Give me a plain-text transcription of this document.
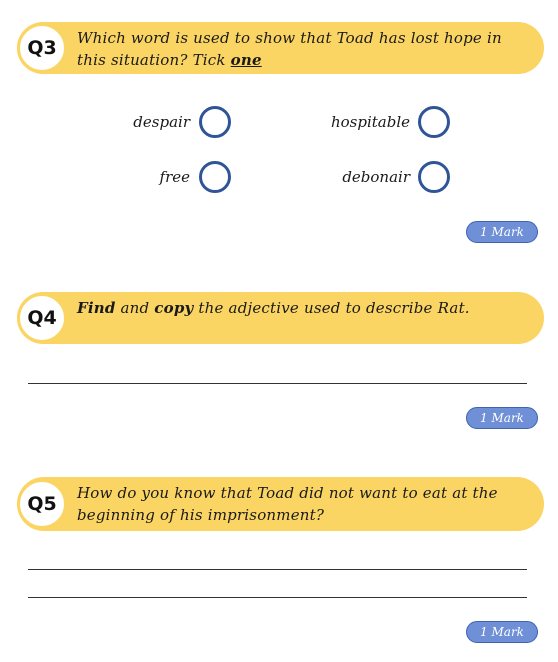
Q3	Which word is used to show that Toad has lost hope in this situation? Tick one
despair	hospitable
free	debonair
1 Mark
Q4	Find and copy the adjective used to describe Rat.
1 Mark
Q5	How do you know that Toad did not want to eat at the beginning of his imprisonment?
1 Mark
